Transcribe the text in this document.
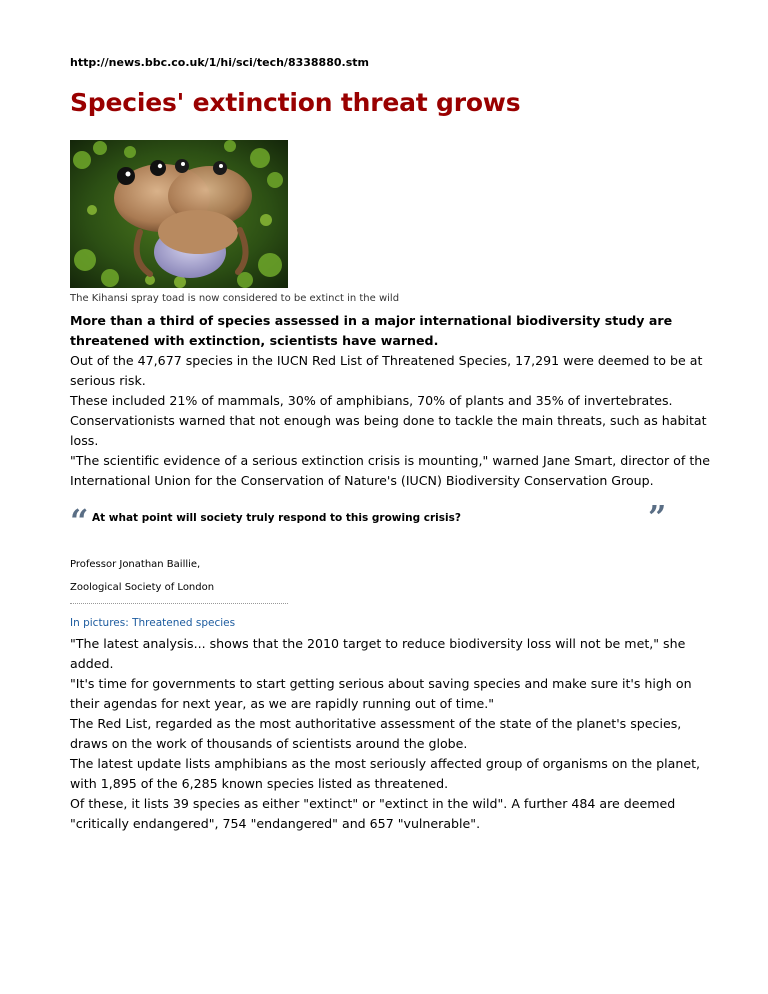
http://news.bbc.co.uk/1/hi/sci/tech/8338880.stm

Species' extinction threat grows

The Kihansi spray toad is now considered to be extinct in the wild

More than a third of species assessed in a major international biodiversity study are threatened with extinction, scientists have warned.

Out of the 47,677 species in the IUCN Red List of Threatened Species, 17,291 were deemed to be at serious risk.

These included 21% of mammals, 30% of amphibians, 70% of plants and 35% of invertebrates.

Conservationists warned that not enough was being done to tackle the main threats, such as habitat loss.

"The scientific evidence of a serious extinction crisis is mounting," warned Jane Smart, director of the International Union for the Conservation of Nature's (IUCN) Biodiversity Conservation Group.

“ At what point will society truly respond to this growing crisis?	”
Professor Jonathan Baillie,
Zoological Society of London
In pictures: Threatened species

"The latest analysis... shows that the 2010 target to reduce biodiversity loss will not be met," she added.

"It's time for governments to start getting serious about saving species and make sure it's high on their agendas for next year, as we are rapidly running out of time."

The Red List, regarded as the most authoritative assessment of the state of the planet's species, draws on the work of thousands of scientists around the globe.

The latest update lists amphibians as the most seriously affected group of organisms on the planet, with 1,895 of the 6,285 known species listed as threatened.

Of these, it lists 39 species as either "extinct" or "extinct in the wild". A further 484 are deemed "critically endangered", 754 "endangered" and 657 "vulnerable".
